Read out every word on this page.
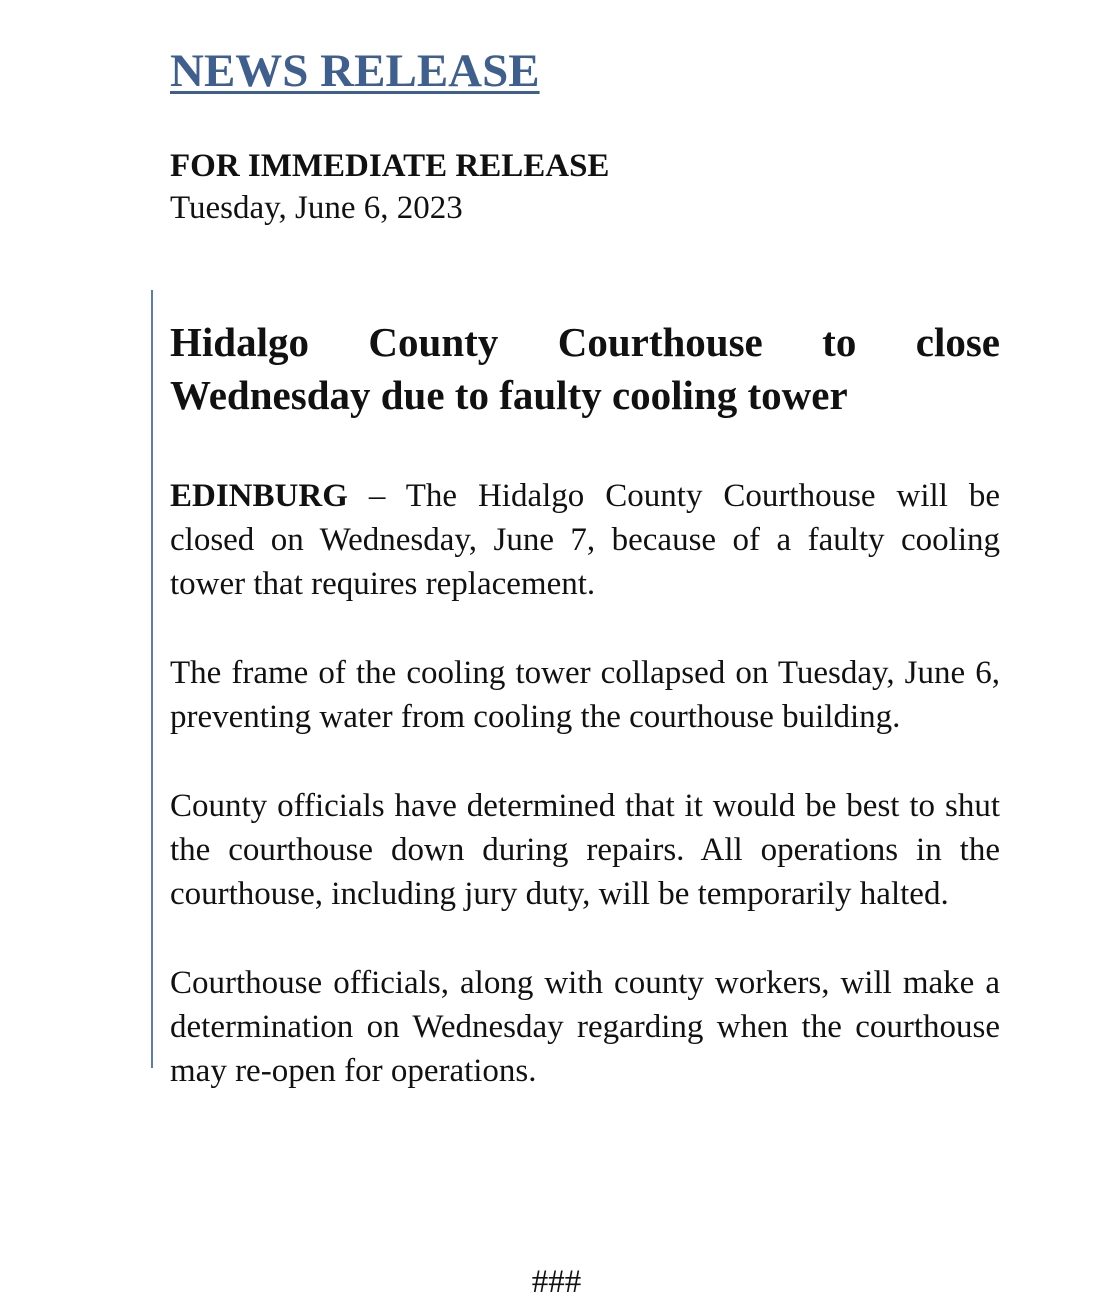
NEWS RELEASE
FOR IMMEDIATE RELEASE
Tuesday, June 6, 2023
Hidalgo County Courthouse to close Wednesday due to faulty cooling tower

EDINBURG – The Hidalgo County Courthouse will be closed on Wednesday, June 7, because of a faulty cooling tower that requires replacement.

The frame of the cooling tower collapsed on Tuesday, June 6, preventing water from cooling the courthouse building.

County officials have determined that it would be best to shut the courthouse down during repairs. All operations in the courthouse, including jury duty, will be temporarily halted.

Courthouse officials, along with county workers, will make a determination on Wednesday regarding when the courthouse may re-open for operations.

###
